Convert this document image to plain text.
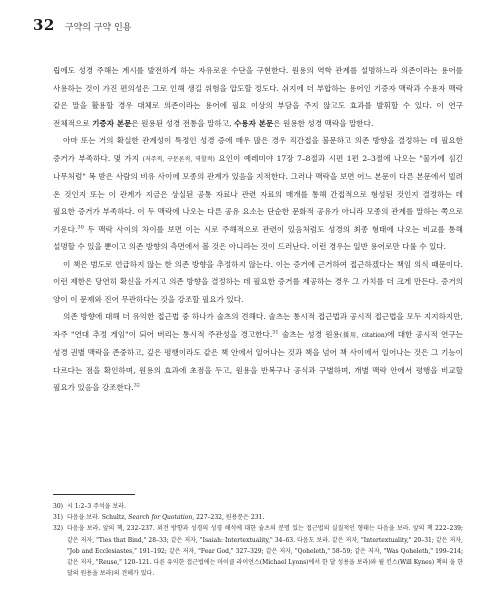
32 구약의 구약 인용

립에도 성경 주해는 계시를 발전하게 하는 자유로운 수단을 구현한다. 원용의 역학 관계를 설명하느라 의존이라는 용어를 사용하는 것이 가진 편의성은 그로 인해 생길 위험을 압도할 정도다. 쉬지에 더 부합하는 용어인 기증자 맥락과 수용자 맥락 같은 말을 활용할 경우 대체로 의존이라는 용어에 필요 이상의 부담을 주지 않고도 효과를 발휘할 수 있다. 이 연구 전체적으로 기증자 본문은 원용된 성경 전통을 말하고, 수용자 본문은 원용한 성경 맥락을 말한다.

아마 또는 거의 확실한 관계성이 특정인 성경 증에 매우 많은 경우 직간접을 불문하고 의존 방향을 결정하는 데 필요한 증거가 부족하다. 몇 가지 (저주적, 구문론적, 역할적) 요인이 예레미야 17장 7–8절과 시편 1편 2–3절에 나오는 "물가에 심긴 나무처럼" 복 받은 사람의 비유 사이에 모종의 관계가 있음을 지적한다. 그러나 맥락을 보면 어느 본문이 다른 본문에서 빌려 온 것인지 또는 이 관계가 지금은 상실된 공통 자료나 관련 자료의 매개를 통해 간접적으로 형성된 것인지 결정하는 데 필요한 증거가 부족하다. 이 두 맥락에 나오는 다른 공유 요소는 단순한 문화적 공유가 아니라 모종의 관계를 말하는 쪽으로 기운다.$^{30}$ 두 맥락 사이의 차이를 보면 이는 시로 주해적으로 관련이 있음처럼도 성경의 최종 형태에 나오는 비교를 통해 설명할 수 있을 뿐이고 의존 방향의 측면에서 볼 것은 아니라는 것이 드러난다. 이런 경우는 일반 용어로만 다룰 수 있다.

이 책은 범도로 언급하지 않는 한 의존 방향을 추정하지 않는다. 이는 증거에 근거하여 접근하겠다는 책임 의식 때문이다. 이런 제한은 당연히 확신을 가지고 의존 방향을 결정하는 데 필요한 증거를 제공하는 경우 그 가치를 더 크게 만든다. 증거의 양이 이 문제와 진어 무관하다는 것을 강조할 필요가 있다.

의존 방향에 대해 더 유익한 접근법 중 하나가 술츠의 견해다. 술츠는 통시적 접근법과 공시적 접근법을 모두 지지하지만, 자주 "연대 추정 게임"이 되어 버리는 통시적 주관성을 경고한다.$^{31}$ 술츠는 성경 원용(援用, citation)에 대한 공시적 연구는 성경 권별 맥락을 존중하고, 깊은 평행이라도 같은 책 안에서 일어나는 것과 책을 넘어 책 사이에서 일어나는 것은 그 기능이 다르다는 점을 확인하며, 원용의 효과에 초점을 두고, 원용을 반복구나 공식과 구별하며, 개별 맥락 안에서 평행을 비교할 필요가 있음을 강조한다.$^{32}$

30) 시 1:2–3 주석을 보라.
31) 다음을 보라. Schultz, Search for Quotation, 227–232, 원용문은 231.
32) 다음을 보라. 앞의 책, 232–237. 외견 방향과 성경의 성경 해석에 대한 슐츠의 분명 있는 접근법의 실질적인 형태는 다음을 보라. 앞의 책 222–239; 같은 저자, "Ties that Bind," 28–33; 같은 저자, "Isaiah: Intertextuality," 34–63. 다음도 보라. 같은 저자, "Intertextuality," 20–31; 같은 저자, "Job and Ecclesiastes," 191–192; 같은 저자, "Fear God," 327–329; 같은 저자, "Qoheleth," 58–59; 같은 저자, "Was Qoheleth," 199–214; 같은 저자, "Reuse," 120–121. 다른 유익한 접근법에는 마이클 라이언스(Michael Lyons)에서 한 달 성용을 보라)와 윌 킨스(Will Kynes) 책의 을 한 달의 원용을 보라)의 견해가 있다.
